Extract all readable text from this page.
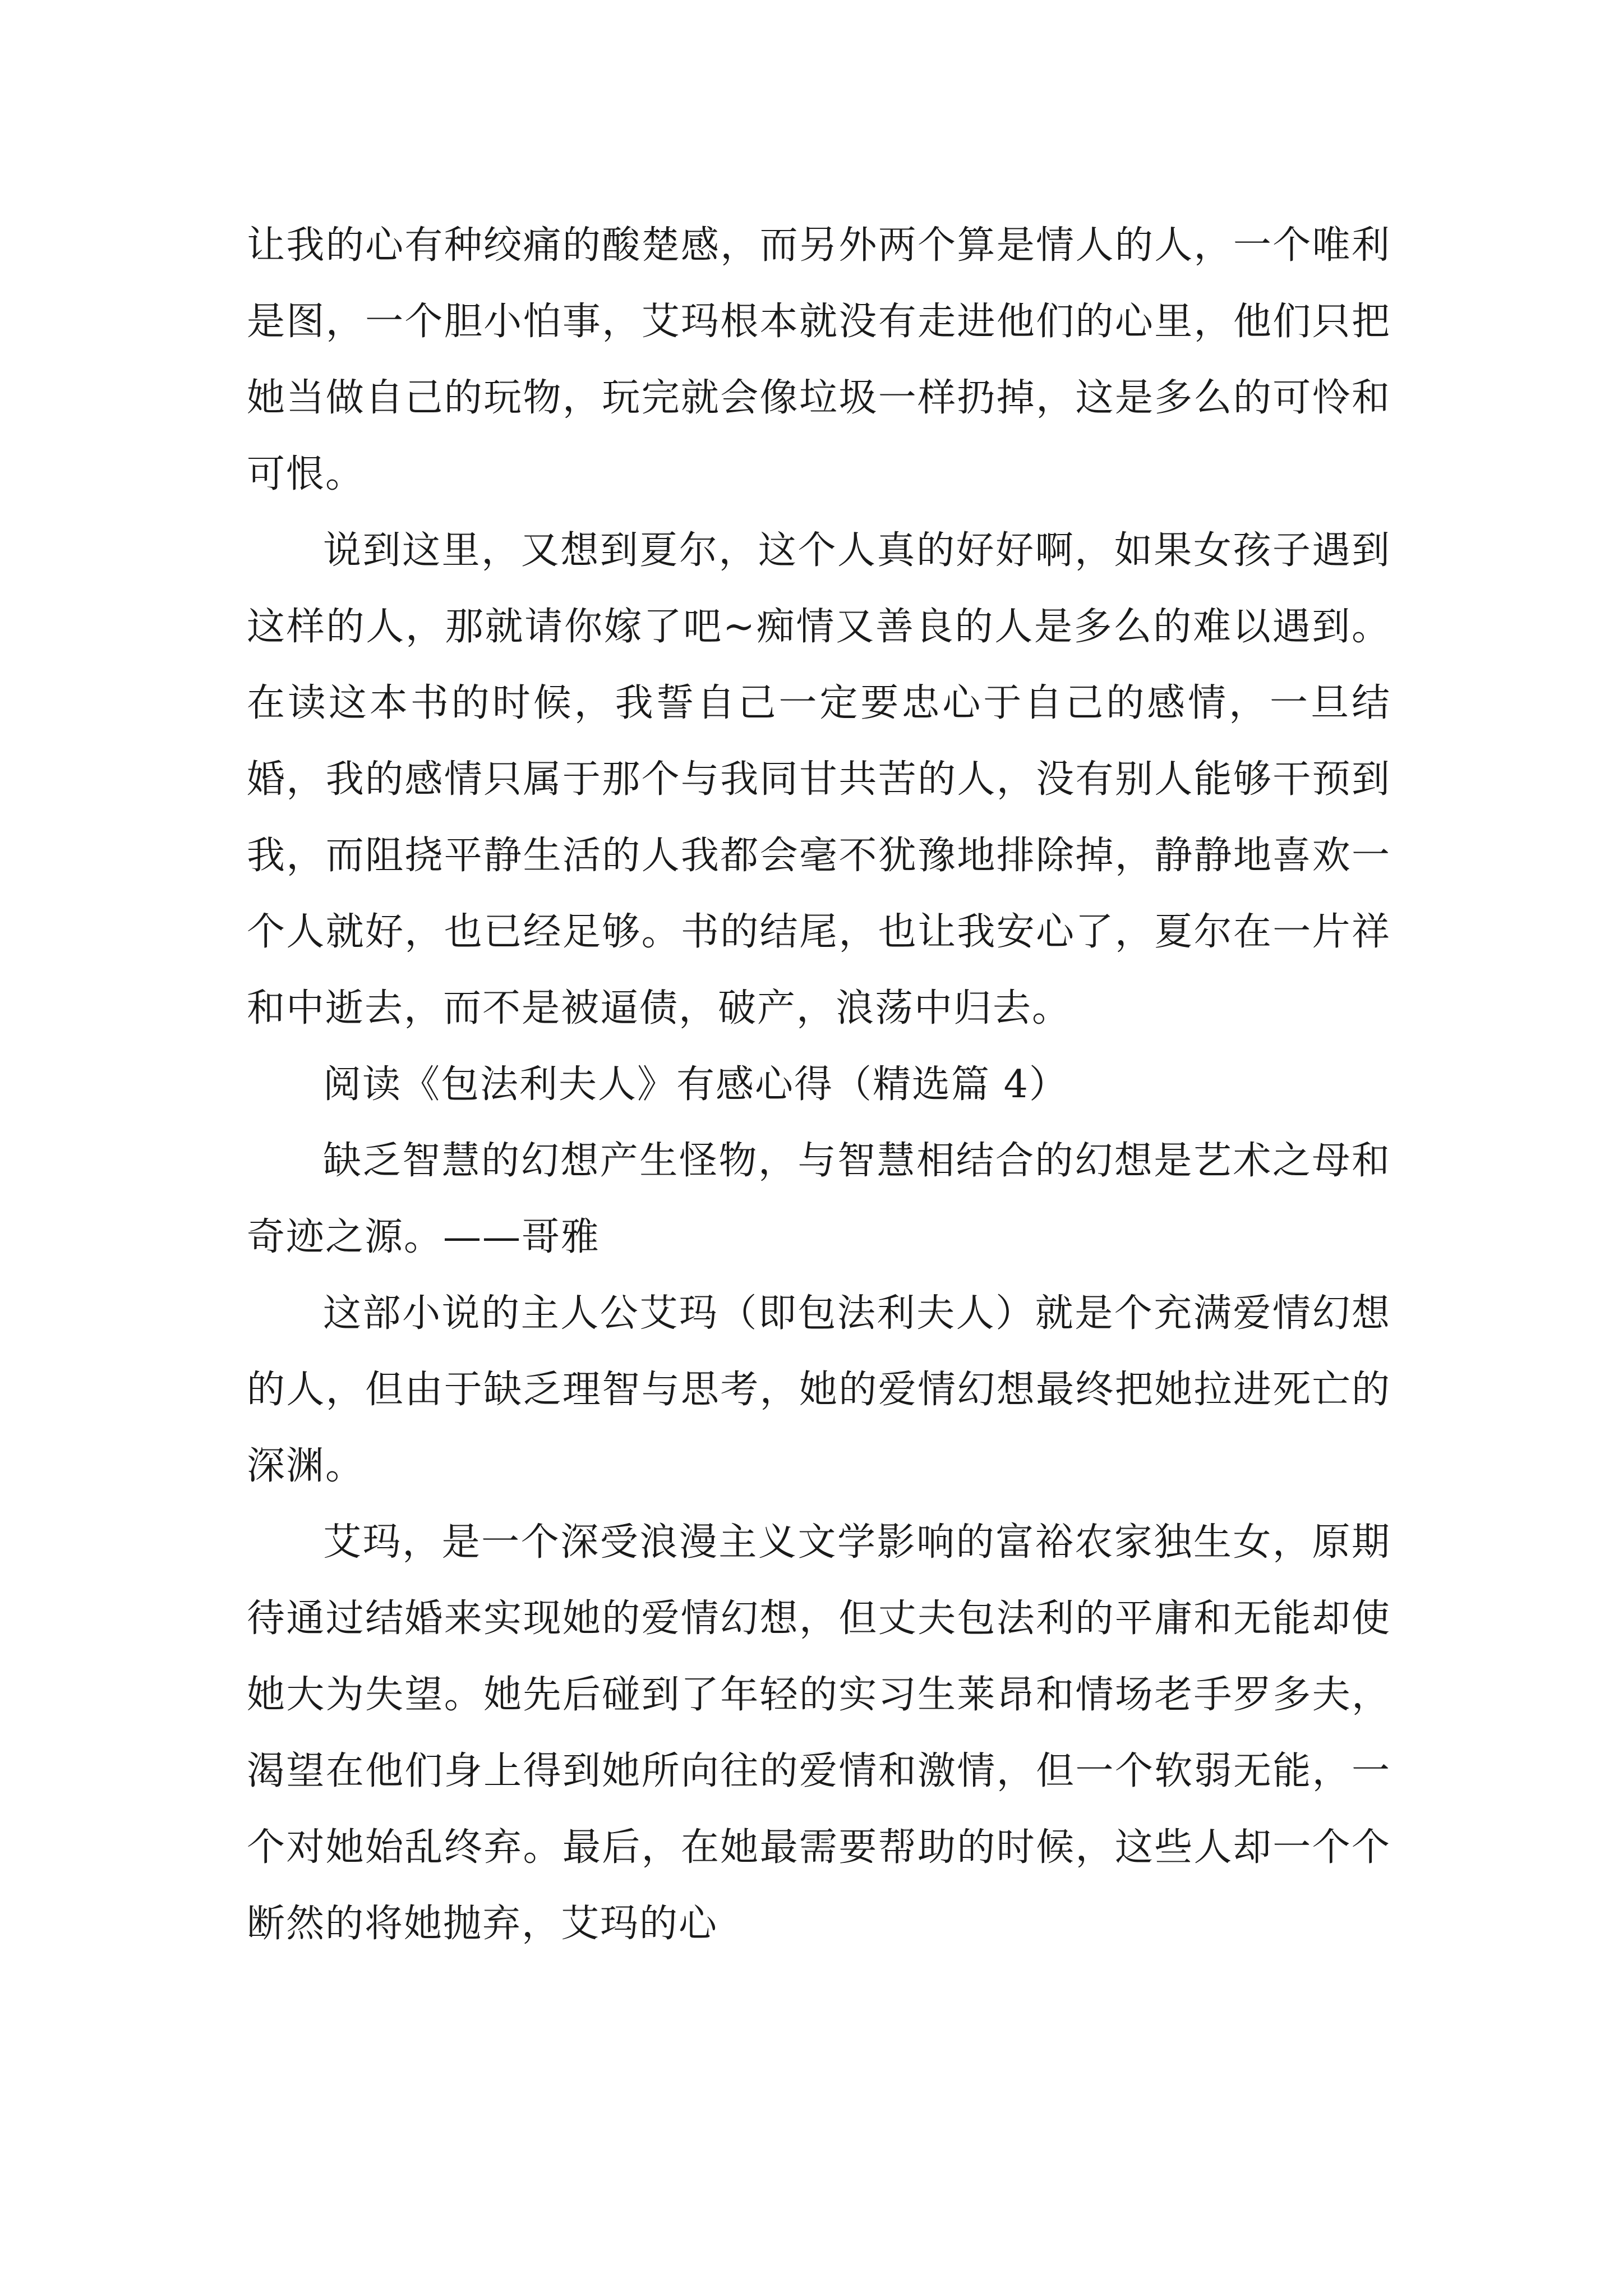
让我的心有种绞痛的酸楚感，而另外两个算是情人的人，一个唯利是图，一个胆小怕事，艾玛根本就没有走进他们的心里，他们只把她当做自己的玩物，玩完就会像垃圾一样扔掉，这是多么的可怜和可恨。

说到这里，又想到夏尔，这个人真的好好啊，如果女孩子遇到这样的人，那就请你嫁了吧~痴情又善良的人是多么的难以遇到。在读这本书的时候，我誓自己一定要忠心于自己的感情，一旦结婚，我的感情只属于那个与我同甘共苦的人，没有别人能够干预到我，而阻挠平静生活的人我都会毫不犹豫地排除掉，静静地喜欢一个人就好，也已经足够。书的结尾，也让我安心了，夏尔在一片祥和中逝去，而不是被逼债，破产，浪荡中归去。

阅读《包法利夫人》有感心得（精选篇 4）

缺乏智慧的幻想产生怪物，与智慧相结合的幻想是艺术之母和奇迹之源。——哥雅

这部小说的主人公艾玛（即包法利夫人）就是个充满爱情幻想的人，但由于缺乏理智与思考，她的爱情幻想最终把她拉进死亡的深渊。

艾玛，是一个深受浪漫主义文学影响的富裕农家独生女，原期待通过结婚来实现她的爱情幻想，但丈夫包法利的平庸和无能却使她大为失望。她先后碰到了年轻的实习生莱昂和情场老手罗多夫，渴望在他们身上得到她所向往的爱情和激情，但一个软弱无能，一个对她始乱终弃。最后，在她最需要帮助的时候，这些人却一个个断然的将她抛弃，艾玛的心
